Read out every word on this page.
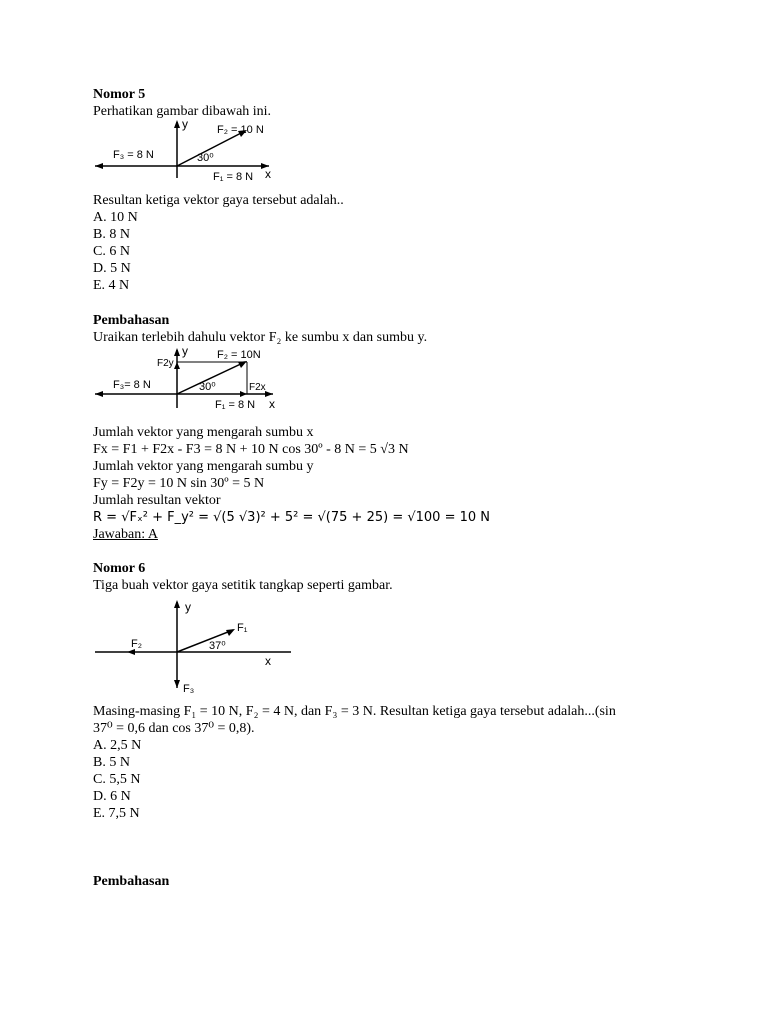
Nomor 5
Perhatikan gambar dibawah ini.
y
x
F₂ = 10 N
F₃ = 8 N
F₁ = 8 N
30⁰
Resultan ketiga vektor gaya tersebut adalah..
A. 10 N
B. 8 N
C. 6 N
D. 5 N
E. 4 N
Pembahasan
Uraikan terlebih dahulu vektor F₂ ke sumbu x dan sumbu y.
y
x
F₂ = 10N
F2y
F2x
F₃= 8 N
F₁ = 8 N
30⁰
Jumlah vektor yang mengarah sumbu x
Fx = F1 + F2x - F3 = 8 N + 10 N cos 30º - 8 N = 5 √3 N
Jumlah vektor yang mengarah sumbu y
Fy = F2y = 10 N sin 30º = 5 N
Jumlah resultan vektor
R = √Fₓ² + F_y² = √(5 √3)² + 5² = √(75 + 25) = √100 = 10 N
Jawaban: A
Nomor 6
Tiga buah vektor gaya setitik tangkap seperti gambar.
y
x
F₁
F₂
F₃
37⁰
Masing-masing F₁ = 10 N, F₂ = 4 N, dan F₃ = 3 N. Resultan ketiga gaya tersebut adalah...(sin
37⁰ = 0,6 dan cos 37⁰ = 0,8).
A. 2,5 N
B. 5 N
C. 5,5 N
D. 6 N
E. 7,5 N
Pembahasan
